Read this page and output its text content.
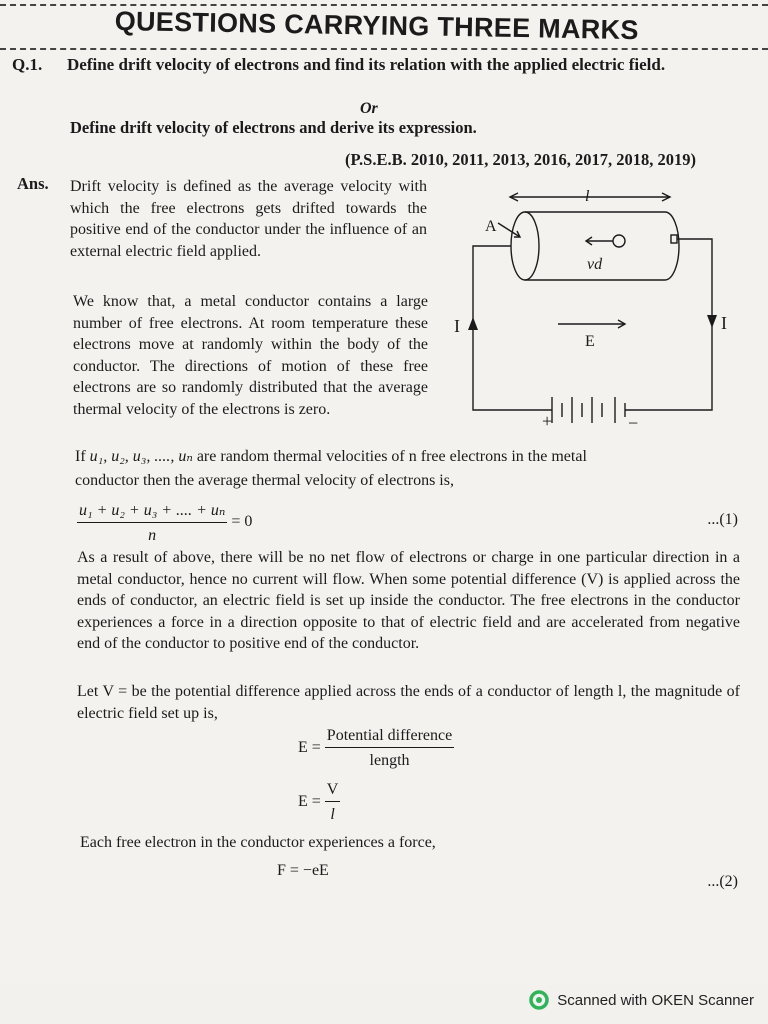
QUESTIONS CARRYING THREE MARKS
Q.1. Define drift velocity of electrons and find its relation with the applied electric field.
Or
Define drift velocity of electrons and derive its expression.
(P.S.E.B. 2010, 2011, 2013, 2016, 2017, 2018, 2019)
Ans. Drift velocity is defined as the average velocity with which the free electrons gets drifted towards the positive end of the conductor under the influence of an external electric field applied.
We know that, a metal conductor contains a large number of free electrons. At room temperature these electrons move at randomly within the body of the conductor. The directions of motion of these free electrons are so randomly distributed that the average thermal velocity of the electrons is zero.
l
A
vd
E
I	I
+	−
If u₁, u₂, u₃, ...., uₙ are random thermal velocities of n free electrons in the metal
conductor then the average thermal velocity of electrons is,
$\frac{\text{u₁ + u₂ + u₃ + .... + uₙ}}{n} = 0$	...(1)
As a result of above, there will be no net flow of electrons or charge in one particular direction in a metal conductor, hence no current will flow. When some potential difference (V) is applied across the ends of conductor, an electric field is set up inside the conductor. The free electrons in the conductor experiences a force in a direction opposite to that of electric field and are accelerated from negative end of the conductor to positive end of the conductor.
Let V = be the potential difference applied across the ends of a conductor of length l, the magnitude of electric field set up is,
$E = \frac{\text{Potential difference}}{\text{length}}$
$E = \frac{V}{l}$
Each free electron in the conductor experiences a force,
F = −eE
...(2)
Scanned with OKEN Scanner
